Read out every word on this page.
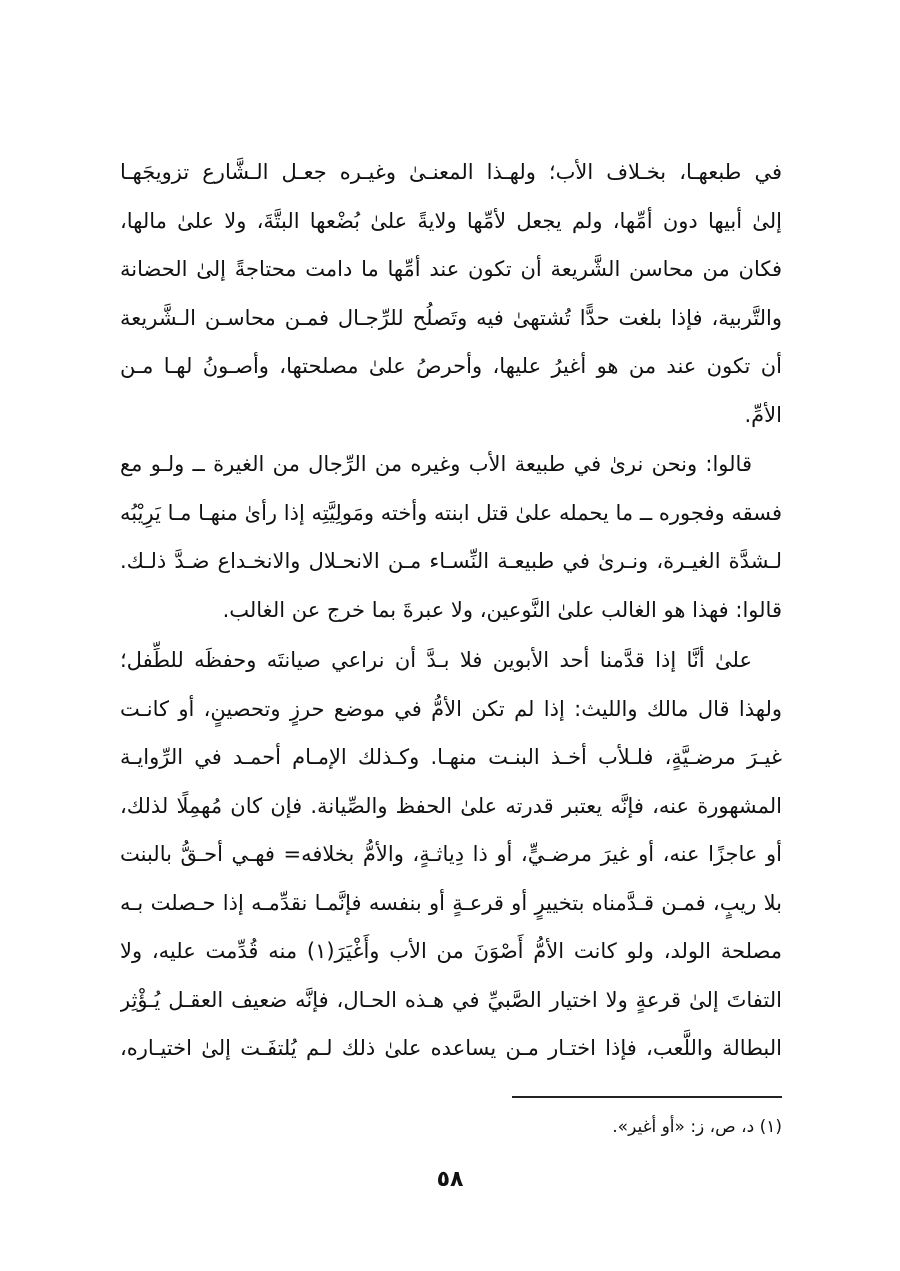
في طبعهـا، بخـلاف الأب؛ ولهـذا المعنـىٰ وغيـره جعـل الـشَّارع تزويجَهـا
إلىٰ أبيها دون أمِّها، ولم يجعل لأمِّها ولايةً علىٰ بُضْعها البتَّةَ، ولا علىٰ مالها،
فكان من محاسن الشَّريعة أن تكون عند أمِّها ما دامت محتاجةً إلىٰ الحضانة
والتَّربية، فإذا بلغت حدًّا تُشتهىٰ فيه وتَصلُح للرِّجـال فمـن محاسـن الـشَّريعة
أن تكون عند من هو أغيرُ عليها، وأحرصُ علىٰ مصلحتها، وأصـونُ لهـا مـن
الأمِّ.
قالوا: ونحن نرىٰ في طبيعة الأب وغيره من الرِّجال من الغيرة ــ ولـو مع
فسقه وفجوره ــ ما يحمله علىٰ قتل ابنته وأخته ومَولِيَّتِه إذا رأىٰ منهـا مـا يَرِيْبُه
لـشدَّة الغيـرة، ونـرىٰ في طبيعـة النِّسـاء مـن الانحـلال والانخـداع ضـدَّ ذلـك.
قالوا: فهذا هو الغالب علىٰ النَّوعين، ولا عبرةَ بما خرج عن الغالب.
علىٰ أنَّا إذا قدَّمنا أحد الأبوين فلا بـدَّ أن نراعي صيانتَه وحفظَه للطِّفل؛
ولهذا قال مالك والليث: إذا لم تكن الأمُّ في موضع حرزٍ وتحصينٍ، أو كانـت
غيـرَ مرضـيَّةٍ، فلـلأب أخـذ البنـت منهـا. وكـذلك الإمـام أحمـد في الرِّوايـة
المشهورة عنه، فإنَّه يعتبر قدرته علىٰ الحفظ والصِّيانة. فإن كان مُهمِلًا لذلك،
أو عاجزًا عنه، أو غيرَ مرضـيٍّ، أو ذا دِياثـةٍ، والأمُّ بخلافه= فهـي أحـقُّ بالبنت
بلا ريبٍ، فمـن قـدَّمناه بتخييرٍ أو قرعـةٍ أو بنفسه فإنَّمـا نقدِّمـه إذا حـصلت بـه
مصلحة الولد، ولو كانت الأمُّ أَصْوَنَ من الأب وأَغْيَرَ(١) منه قُدِّمت عليه، ولا
التفاتَ إلىٰ قرعةٍ ولا اختيار الصَّبيِّ في هـذه الحـال، فإنَّه ضعيف العقـل يُـؤْثِر
البطالة واللَّعب، فإذا اختـار مـن يساعده علىٰ ذلك لـم يُلتفَـت إلىٰ اختيـاره،
(١) د، ص، ز: «أو أغير».
٥٨
